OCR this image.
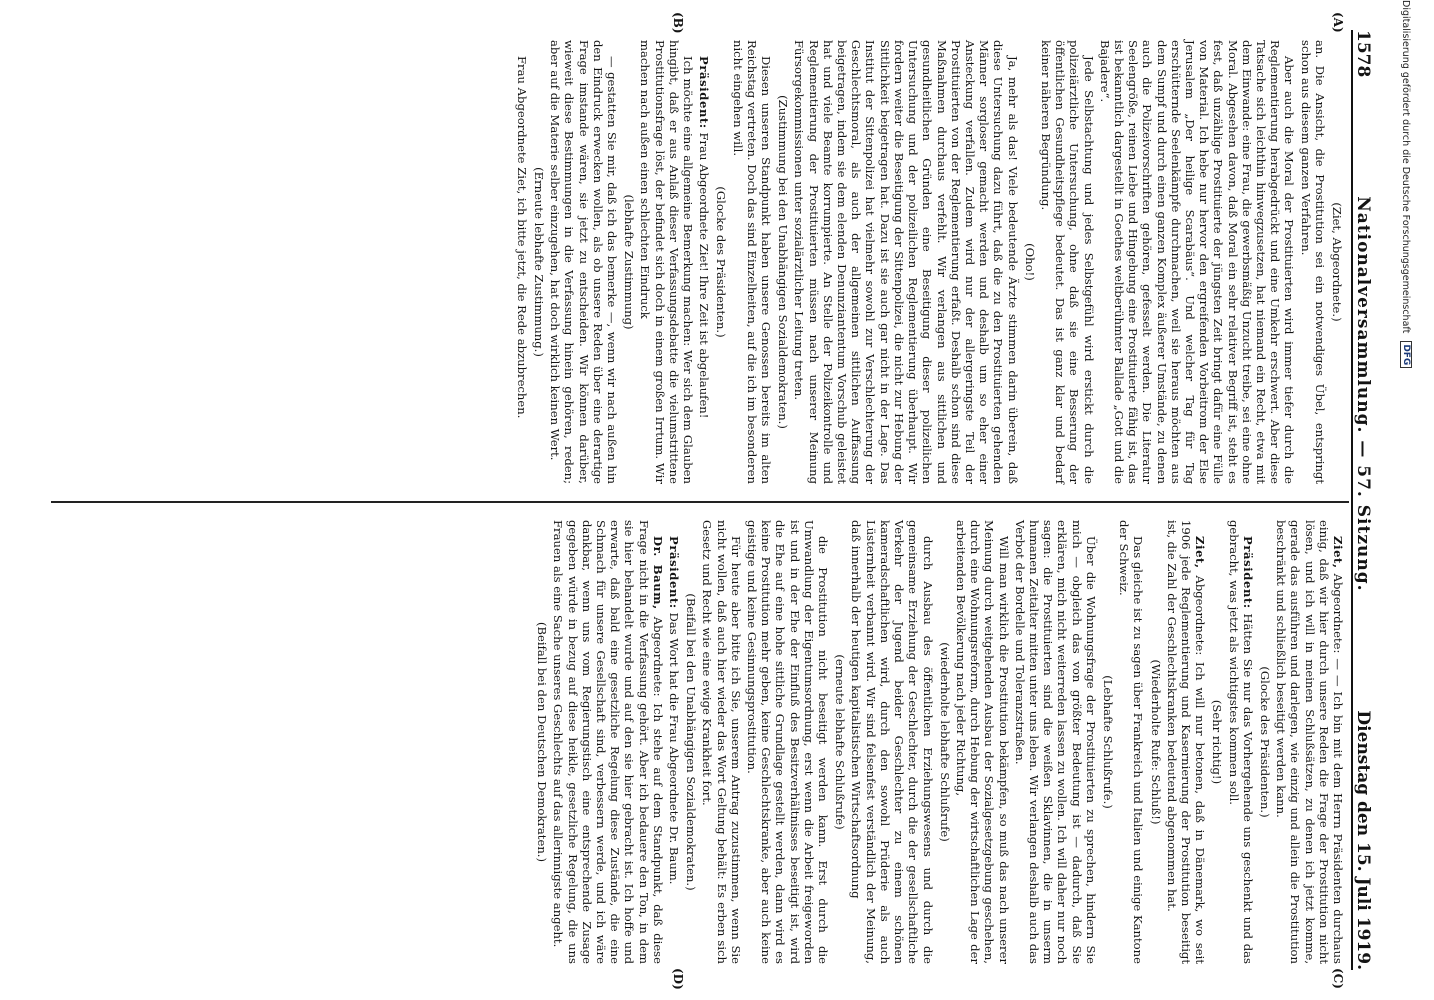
1578
Nationalversammlung. — 57. Sitzung.
Dienstag den 15. Juli 1919.
(A)
(B)
(C)
(D)

(Ziet, Abgeordnete.)

an. Die Ansicht, die Prostitution sei ein notwendiges Übel, entspringt schon aus diesem ganzen Verfahren.

Aber auch die Moral der Prostituierten wird immer tiefer durch die Reglementierung herabgedrückt und eine Umkehr erschwert. Aber diese Tatsache sich leichthin hinwegzusetzen, hat niemand ein Recht, etwa mit dem Einwande: eine Frau, die gewerbsmäßig Unzucht treibe, sei eine ohne Moral. Abgesehen davon, daß Moral ein sehr relativer Begriff ist, steht es fest, daß unzählige Prostituierte der jüngsten Zeit bringt dafür eine Fülle von Material. Ich hebe nur hervor den ergreifenden Vorbeitrom der Else Jerusalem „Der heilige Scarabäus“. Und welcher Tag für Tag erschütternde Seelenkämpfe durchmachen, weil sie heraus möchten aus dem Sumpf und durch einen ganzen Komplex äußerer Umstände, zu denen auch die Polizeivorschriften gehören, gefesselt werden. Die Literatur Seelengröße, reinen Liebe und Hingebung eine Prostituierte fähig ist, das ist bekanntlich dargestellt in Goethes weltberühmter Ballade „Gott und die Bajadere“.

Jede Selbstachtung und jedes Selbstgefühl wird erstickt durch die polizeiärztliche Untersuchung, ohne daß sie eine Besserung der öffentlichen Gesundheitspflege bedeutet. Das ist ganz klar und bedarf keiner näheren Begründung.

(Oho!)

Ja, mehr als das! Viele bedeutende Ärzte stimmen darin überein, daß diese Untersuchung dazu führt, daß die zu den Prostituierten gehenden Männer sorgloser gemacht werden und deshalb um so eher einer Ansteckung verfallen. Zudem wird nur der allergeringste Teil der Prostituierten von der Reglementierung erfaßt. Deshalb schon sind diese Maßnahmen durchaus verfehlt. Wir verlangen aus sittlichen und gesundheitlichen Gründen eine Beseitigung dieser polizeilichen Untersuchung und der polizeilichen Reglementierung überhaupt. Wir fordern weiter die Beseitigung der Sittenpolizei, die nicht zur Hebung der Sittlichkeit beigetragen hat. Dazu ist sie auch gar nicht in der Lage. Das Institut der Sittenpolizei hat vielmehr sowohl zur Verschlechterung der Geschlechtsmoral, als auch der allgemeinen sittlichen Auffassung beigetragen, indem sie dem elenden Denunziantentum Vorschub geleistet hat und viele Beamte korrumpierte. An Stelle der Polizeikontrolle und Reglementierung der Prostituierten müssen nach unserer Meinung Fürsorgekommissionen unter sozialärztlicher Leitung treten.

(Zustimmung bei den Unabhängigen Sozialdemokraten.)

Diesen unseren Standpunkt haben unsere Genossen bereits im alten Reichstag vertreten. Doch das sind Einzelheiten, auf die ich im besonderen nicht eingehen will.

(Glocke des Präsidenten.)

Präsident: Frau Abgeordnete Ziet! Ihre Zeit ist abgelaufen!

Ich möchte eine allgemeine Bemerkung machen: Wer sich dem Glauben hingibt, daß er aus Anlaß dieser Verfassungsdebatte die vielumstrittene Prostitutionsfrage löst, der befindet sich doch in einem großen Irrtum. Wir machen nach außen einen schlechten Eindruck

(lebhafte Zustimmung)

— gestatten Sie mir, daß ich das bemerke —, wenn wir nach außen hin den Eindruck erwecken wollen, als ob unsere Reden über eine derartige Frage imstande wären, sie jetzt zu entscheiden. Wir können darüber, wieweit diese Bestimmungen in die Verfassung hinein gehören, reden; aber auf die Materie selber einzugehen, hat doch wirklich keinen Wert.

(Erneute lebhafte Zustimmung.)

Frau Abgeordnete Ziet, ich bitte jetzt, die Rede abzubrechen.

Ziet, Abgeordnete: — — Ich bin mit dem Herrn Präsidenten durchaus einig, daß wir hier durch unsere Reden die Frage der Prostitution nicht lösen, und ich will in meinen Schlußsätzen, zu denen ich jetzt komme, gerade das ausführen und darlegen, wie einzig und allein die Prostitution beschränkt und schließlich beseitigt werden kann.

(Glocke des Präsidenten.)

Präsident: Hätten Sie nur das Vorhergehende uns geschenkt und das gebracht, was jetzt als wichtigstes kommen soll.

(Sehr richtig!)

Ziet, Abgeordnete: Ich will nur betonen, daß in Dänemark, wo seit 1906 jede Reglementierung und Kasernierung der Prostitution beseitigt ist, die Zahl der Geschlechtskranken bedeutend abgenommen hat.

(Wiederholte Rufe: Schluß!)

Das gleiche ist zu sagen über Frankreich und Italien und einige Kantone der Schweiz.

(Lebhafte Schlußrufe.)

Über die Wohnungsfrage der Prostituierten zu sprechen, hindern Sie mich — obgleich das von größter Bedeutung ist — dadurch, daß Sie erklären, mich nicht weiterreden lassen zu wollen. Ich will daher nur noch sagen: die Prostituierten sind die weißen Sklavinnen, die in unserm humanen Zeitalter mitten unter uns leben. Wir verlangen deshalb auch das Verbot der Bordelle und Toleranzstraßen.

Will man wirklich die Prostitution bekämpfen, so muß das nach unserer Meinung durch weitgehenden Ausbau der Sozialgesetzgebung geschehen, durch eine Wohnungsreform, durch Hebung der wirtschaftlichen Lage der arbeitenden Bevölkerung nach jeder Richtung,

(wiederholte lebhafte Schlußrufe)

durch Ausbau des öffentlichen Erziehungswesens und durch die gemeinsame Erziehung der Geschlechter, durch die der gesellschaftliche Verkehr der Jugend beider Geschlechter zu einem schönen kameradschaftlichen wird, durch den sowohl Prüderie als auch Lüsternheit verbannt wird. Wir sind felsenfest verständlich der Meinung, daß innerhalb der heutigen kapitalistischen Wirtschaftsordnung

(erneute lebhafte Schlußrufe)

die Prostitution nicht beseitigt werden kann. Erst durch die Umwandlung der Eigentumsordnung, erst wenn die Arbeit freigeworden ist und in der Ehe der Einfluß des Besitzverhältnisses beseitigt ist, wird die Ehe auf eine hohe sittliche Grundlage gestellt werden, dann wird es keine Prostitution mehr geben, keine Geschlechtskranke, aber auch keine geistige und keine Gesinnungsprostitution.

Für heute aber bitte ich Sie, unserem Antrag zuzustimmen, wenn Sie nicht wollen, daß auch hier wieder das Wort Geltung behält: Es erben sich Gesetz und Recht wie eine ewige Krankheit fort.

(Beifall bei den Unabhängigen Sozialdemokraten.)

Präsident: Das Wort hat die Frau Abgeordnete Dr. Baum.

Dr. Baum, Abgeordnete: Ich stehe auf dem Standpunkt, daß diese Frage nicht in die Verfassung gehört. Aber ich bedauere den Ton, in dem sie hier behandelt wurde und auf den sie hier gebracht ist. Ich hoffe und erwarte, daß bald eine gesetzliche Regelung diese Zustände, die eine Schmach für unsere Gesellschaft sind, verbessern werde, und ich wäre dankbar, wenn uns vom Regierungstisch eine entsprechende Zusage gegeben würde in bezug auf diese heikle, gesetzliche Regelung, die uns Frauen als eine Sache unseres Geschlechts auf das allerinnigste angeht.

(Beifall bei den Deutschen Demokraten.)

Digitalisierung gefördert durch die Deutsche Forschungsgemeinschaft
DFG
